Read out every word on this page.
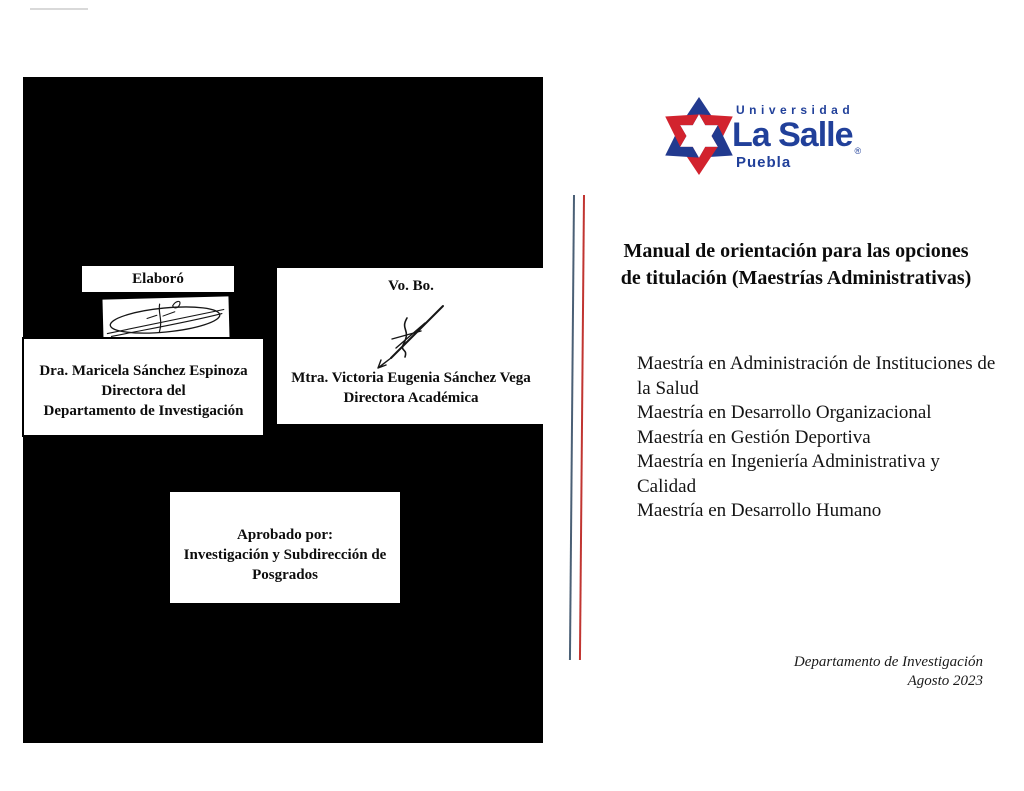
Elaboró
Dra. Maricela Sánchez Espinoza
Directora del
Departamento de Investigación
Vo. Bo.
Mtra. Victoria Eugenia Sánchez Vega
Directora Académica
Aprobado por:
Investigación y Subdirección de
Posgrados
Universidad
La Salle $_®$
Puebla
Manual de orientación para las opciones
de titulación (Maestrías Administrativas)
Maestría en Administración de Instituciones de
la Salud
Maestría en Desarrollo Organizacional
Maestría en Gestión Deportiva
Maestría en Ingeniería Administrativa y
Calidad
Maestría en Desarrollo Humano
Departamento de Investigación
Agosto 2023
